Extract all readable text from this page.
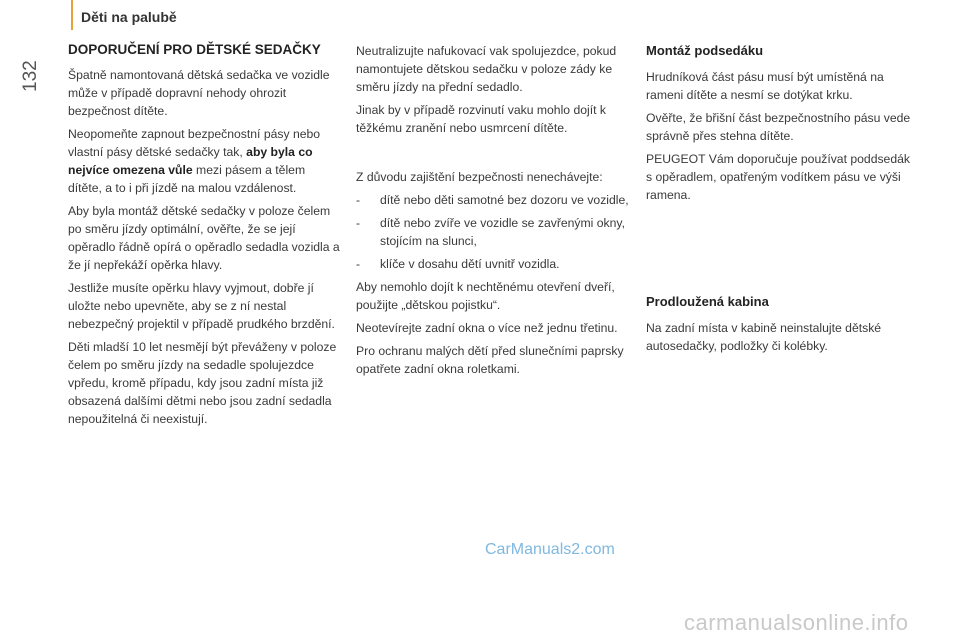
Děti na palubě
132
DOPORUČENÍ PRO DĚTSKÉ SEDAČKY

Špatně namontovaná dětská sedačka ve vozidle může v případě dopravní nehody ohrozit bezpečnost dítěte.

Neopomeňte zapnout bezpečnostní pásy nebo vlastní pásy dětské sedačky tak, aby byla co nejvíce omezena vůle mezi pásem a tělem dítěte, a to i při jízdě na malou vzdálenost.

Aby byla montáž dětské sedačky v poloze čelem po směru jízdy optimální, ověřte, že se její opěradlo řádně opírá o opěradlo sedadla vozidla a že jí nepřekáží opěrka hlavy.

Jestliže musíte opěrku hlavy vyjmout, dobře jí uložte nebo upevněte, aby se z ní nestal nebezpečný projektil v případě prudkého brzdění.

Děti mladší 10 let nesmějí být převáženy v poloze čelem po směru jízdy na sedadle spolujezdce vpředu, kromě případu, kdy jsou zadní místa již obsazená dalšími dětmi nebo jsou zadní sedadla nepoužitelná či neexistují.

Neutralizujte nafukovací vak spolujezdce, pokud namontujete dětskou sedačku v poloze zády ke směru jízdy na přední sedadlo.

Jinak by v případě rozvinutí vaku mohlo dojít k těžkému zranění nebo usmrcení dítěte.

Z důvodu zajištění bezpečnosti nenechávejte:

- dítě nebo děti samotné bez dozoru ve vozidle,
- dítě nebo zvíře ve vozidle se zavřenými okny, stojícím na slunci,
- klíče v dosahu dětí uvnitř vozidla.

Aby nemohlo dojít k nechtěnému otevření dveří, použijte „dětskou pojistku“.

Neotevírejte zadní okna o více než jednu třetinu.

Pro ochranu malých dětí před slunečními paprsky opatřete zadní okna roletkami.

Montáž podsedáku

Hrudníková část pásu musí být umístěná na rameni dítěte a nesmí se dotýkat krku.

Ověřte, že břišní část bezpečnostního pásu vede správně přes stehna dítěte.

PEUGEOT Vám doporučuje používat poddsedák s opěradlem, opatřeným vodítkem pásu ve výši ramena.

Prodloužená kabina

Na zadní místa v kabině neinstalujte dětské autosedačky, podložky či kolébky.

CarManuals2.com
carmanualsonline.info
